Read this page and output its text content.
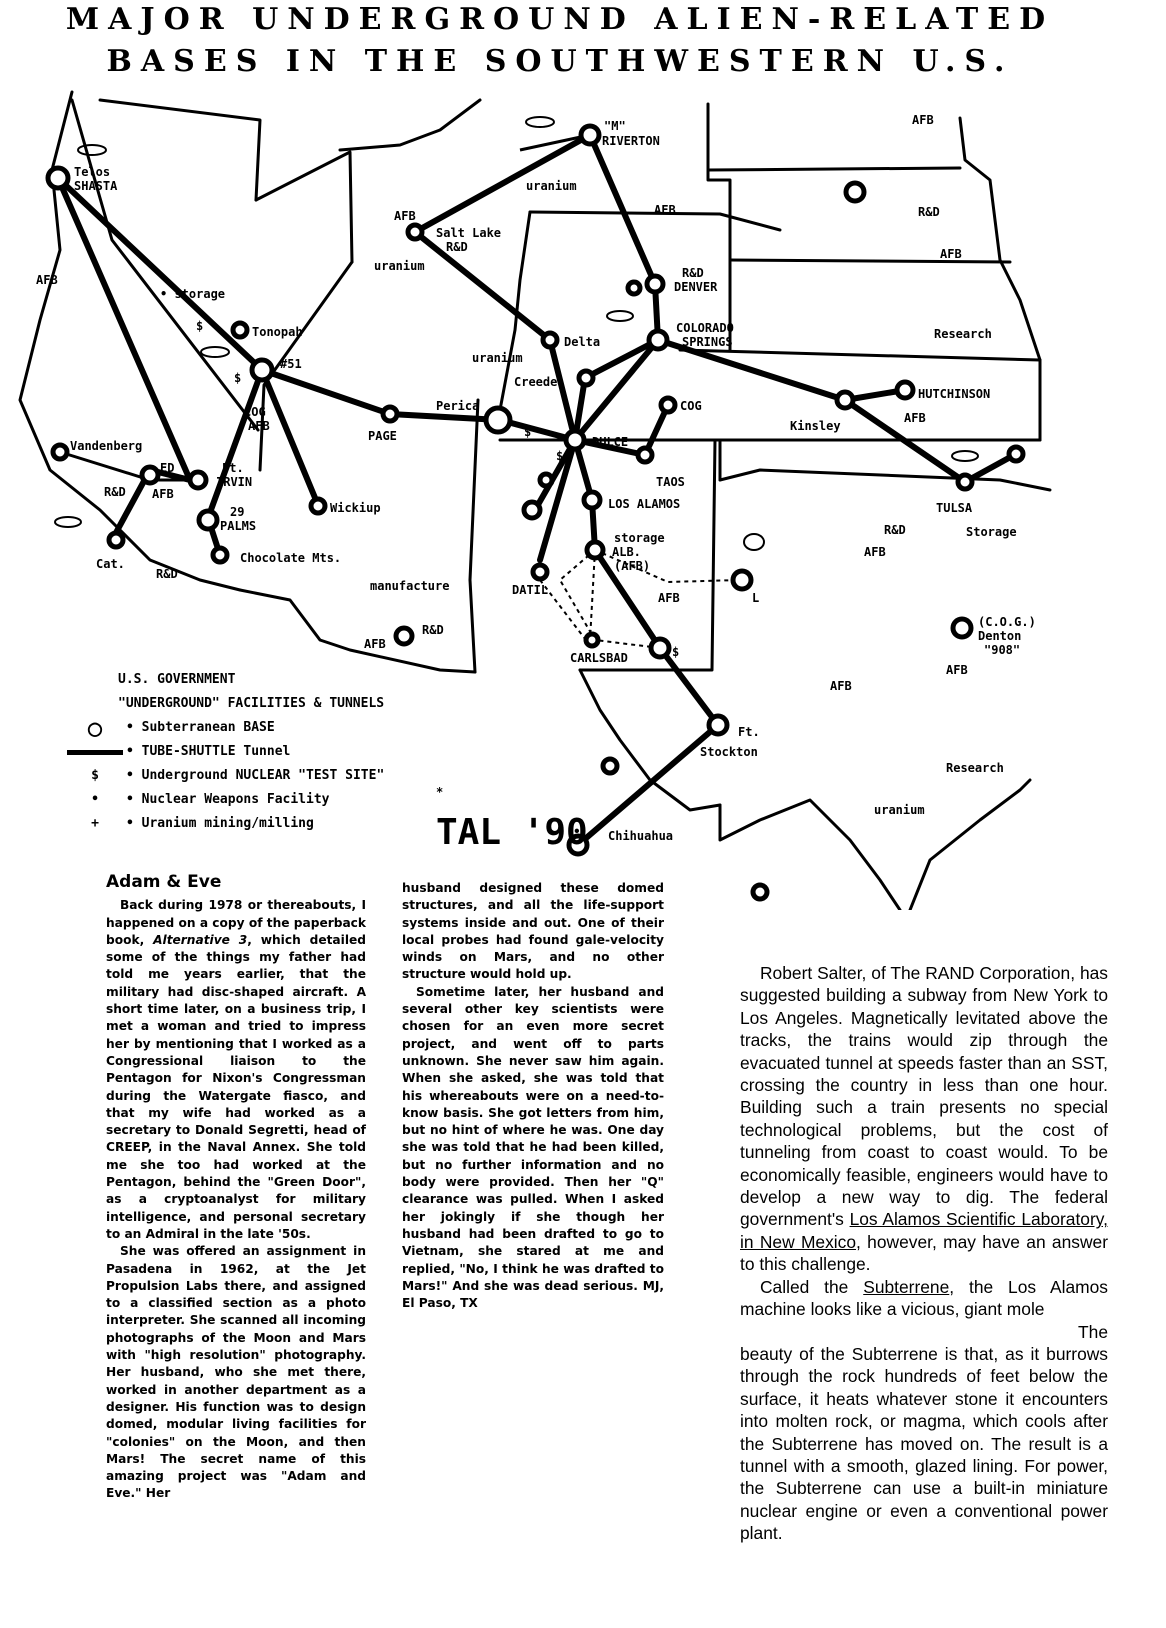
MAJOR UNDERGROUND ALIEN-RELATED
BASES IN THE SOUTHWESTERN U.S.
Telos
SHASTA
AFB
• storage
Tonopah
#51
COG
AFB
Vandenberg
ED
R&D AFB
Ft.
IRVIN
29
PALMS
Wickiup
Chocolate Mts.
Cat.
R&D
manufacture
AFB
R&D
PAGE
Perica
AFB
Salt Lake
R&D
uranium
"M"
RIVERTON
uranium
AFB
R&D
DENVER
Delta
uranium
Creede
COLORADO
SPRINGS
COG
DULCE
TAOS
LOS ALAMOS
storage
ALB.
(AFB)
DATIL
AFB	L
CARLSBAD
Ft.
Stockton
Chihuahua
AFB
R&D
AFB
Research
HUTCHINSON
AFB
Kinsley
TULSA
R&D
AFB
Storage
(C.O.G.)
Denton
"908"
AFB
AFB
Research
uranium
$
$
$
$
$
*
U.S. GOVERNMENT
"UNDERGROUND" FACILITIES & TUNNELS
○	• Subterranean BASE
• TUBE-SHUTTLE Tunnel
$	• Underground NUCLEAR "TEST SITE"
•	• Nuclear Weapons Facility
+	• Uranium mining/milling	TAL '90
Adam & Eve

Back during 1978 or thereabouts, I happened on a copy of the paperback book, Alternative 3, which detailed some of the things my father had told me years earlier, that the military had disc-shaped aircraft. A short time later, on a business trip, I met a woman and tried to impress her by mentioning that I worked as a Congressional liaison to the Pentagon for Nixon's Congressman during the Watergate fiasco, and that my wife had worked as a secretary to Donald Segretti, head of CREEP, in the Naval Annex. She told me she too had worked at the Pentagon, behind the "Green Door", as a cryptoanalyst for military intelligence, and personal secretary to an Admiral in the late '50s.

She was offered an assignment in Pasadena in 1962, at the Jet Propulsion Labs there, and assigned to a classified section as a photo interpreter. She scanned all incoming photographs of the Moon and Mars with "high resolution" photography. Her husband, who she met there, worked in another department as a designer. His function was to design domed, modular living facilities for "colonies" on the Moon, and then Mars! The secret name of this amazing project was "Adam and Eve." Her

husband designed these domed structures, and all the life-support systems inside and out. One of their local probes had found gale-velocity winds on Mars, and no other structure would hold up.

Sometime later, her husband and several other key scientists were chosen for an even more secret project, and went off to parts unknown. She never saw him again. When she asked, she was told that his whereabouts were on a need-to-know basis. She got letters from him, but no hint of where he was. One day she was told that he had been killed, but no further information and no body were provided. Then her "Q" clearance was pulled. When I asked her jokingly if she though her husband had been drafted to go to Vietnam, she stared at me and replied, "No, I think he was drafted to Mars!" And she was dead serious. MJ, El Paso, TX

Robert Salter, of The RAND Corporation, has suggested building a subway from New York to Los Angeles. Magnetically levitated above the tracks, the trains would zip through the evacuated tunnel at speeds faster than an SST, crossing the country in less than one hour. Building such a train presents no special technological problems, but the cost of tunneling from coast to coast would. To be economically feasible, engineers would have to develop a new way to dig. The federal government's Los Alamos Scientific Laboratory, in New Mexico, however, may have an answer to this challenge.

Called the Subterrene, the Los Alamos machine looks like a vicious, giant mole

The

beauty of the Subterrene is that, as it burrows through the rock hundreds of feet below the surface, it heats whatever stone it encounters into molten rock, or magma, which cools after the Subterrene has moved on. The result is a tunnel with a smooth, glazed lining. For power, the Subterrene can use a built-in miniature nuclear engine or even a conventional power plant.
